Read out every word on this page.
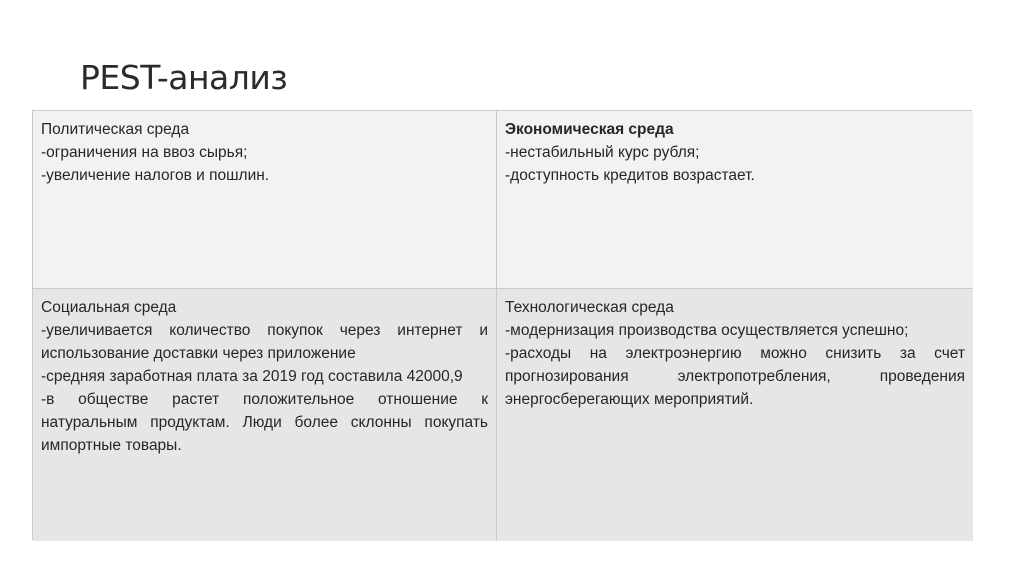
PEST-анализ
Политическая среда
-ограничения на ввоз сырья;
-увеличение налогов и пошлин.
Экономическая среда
-нестабильный курс рубля;
-доступность кредитов возрастает.
Социальная среда
-увеличивается количество покупок через интернет и использование доставки через приложение
-средняя заработная плата за 2019 год составила 42000,9
-в обществе растет положительное отношение к натуральным продуктам. Люди более склонны покупать импортные товары.
Технологическая среда
-модернизация производства осуществляется успешно;
-расходы на электроэнергию можно снизить за счет прогнозирования электропотребления, проведения энергосберегающих мероприятий.
